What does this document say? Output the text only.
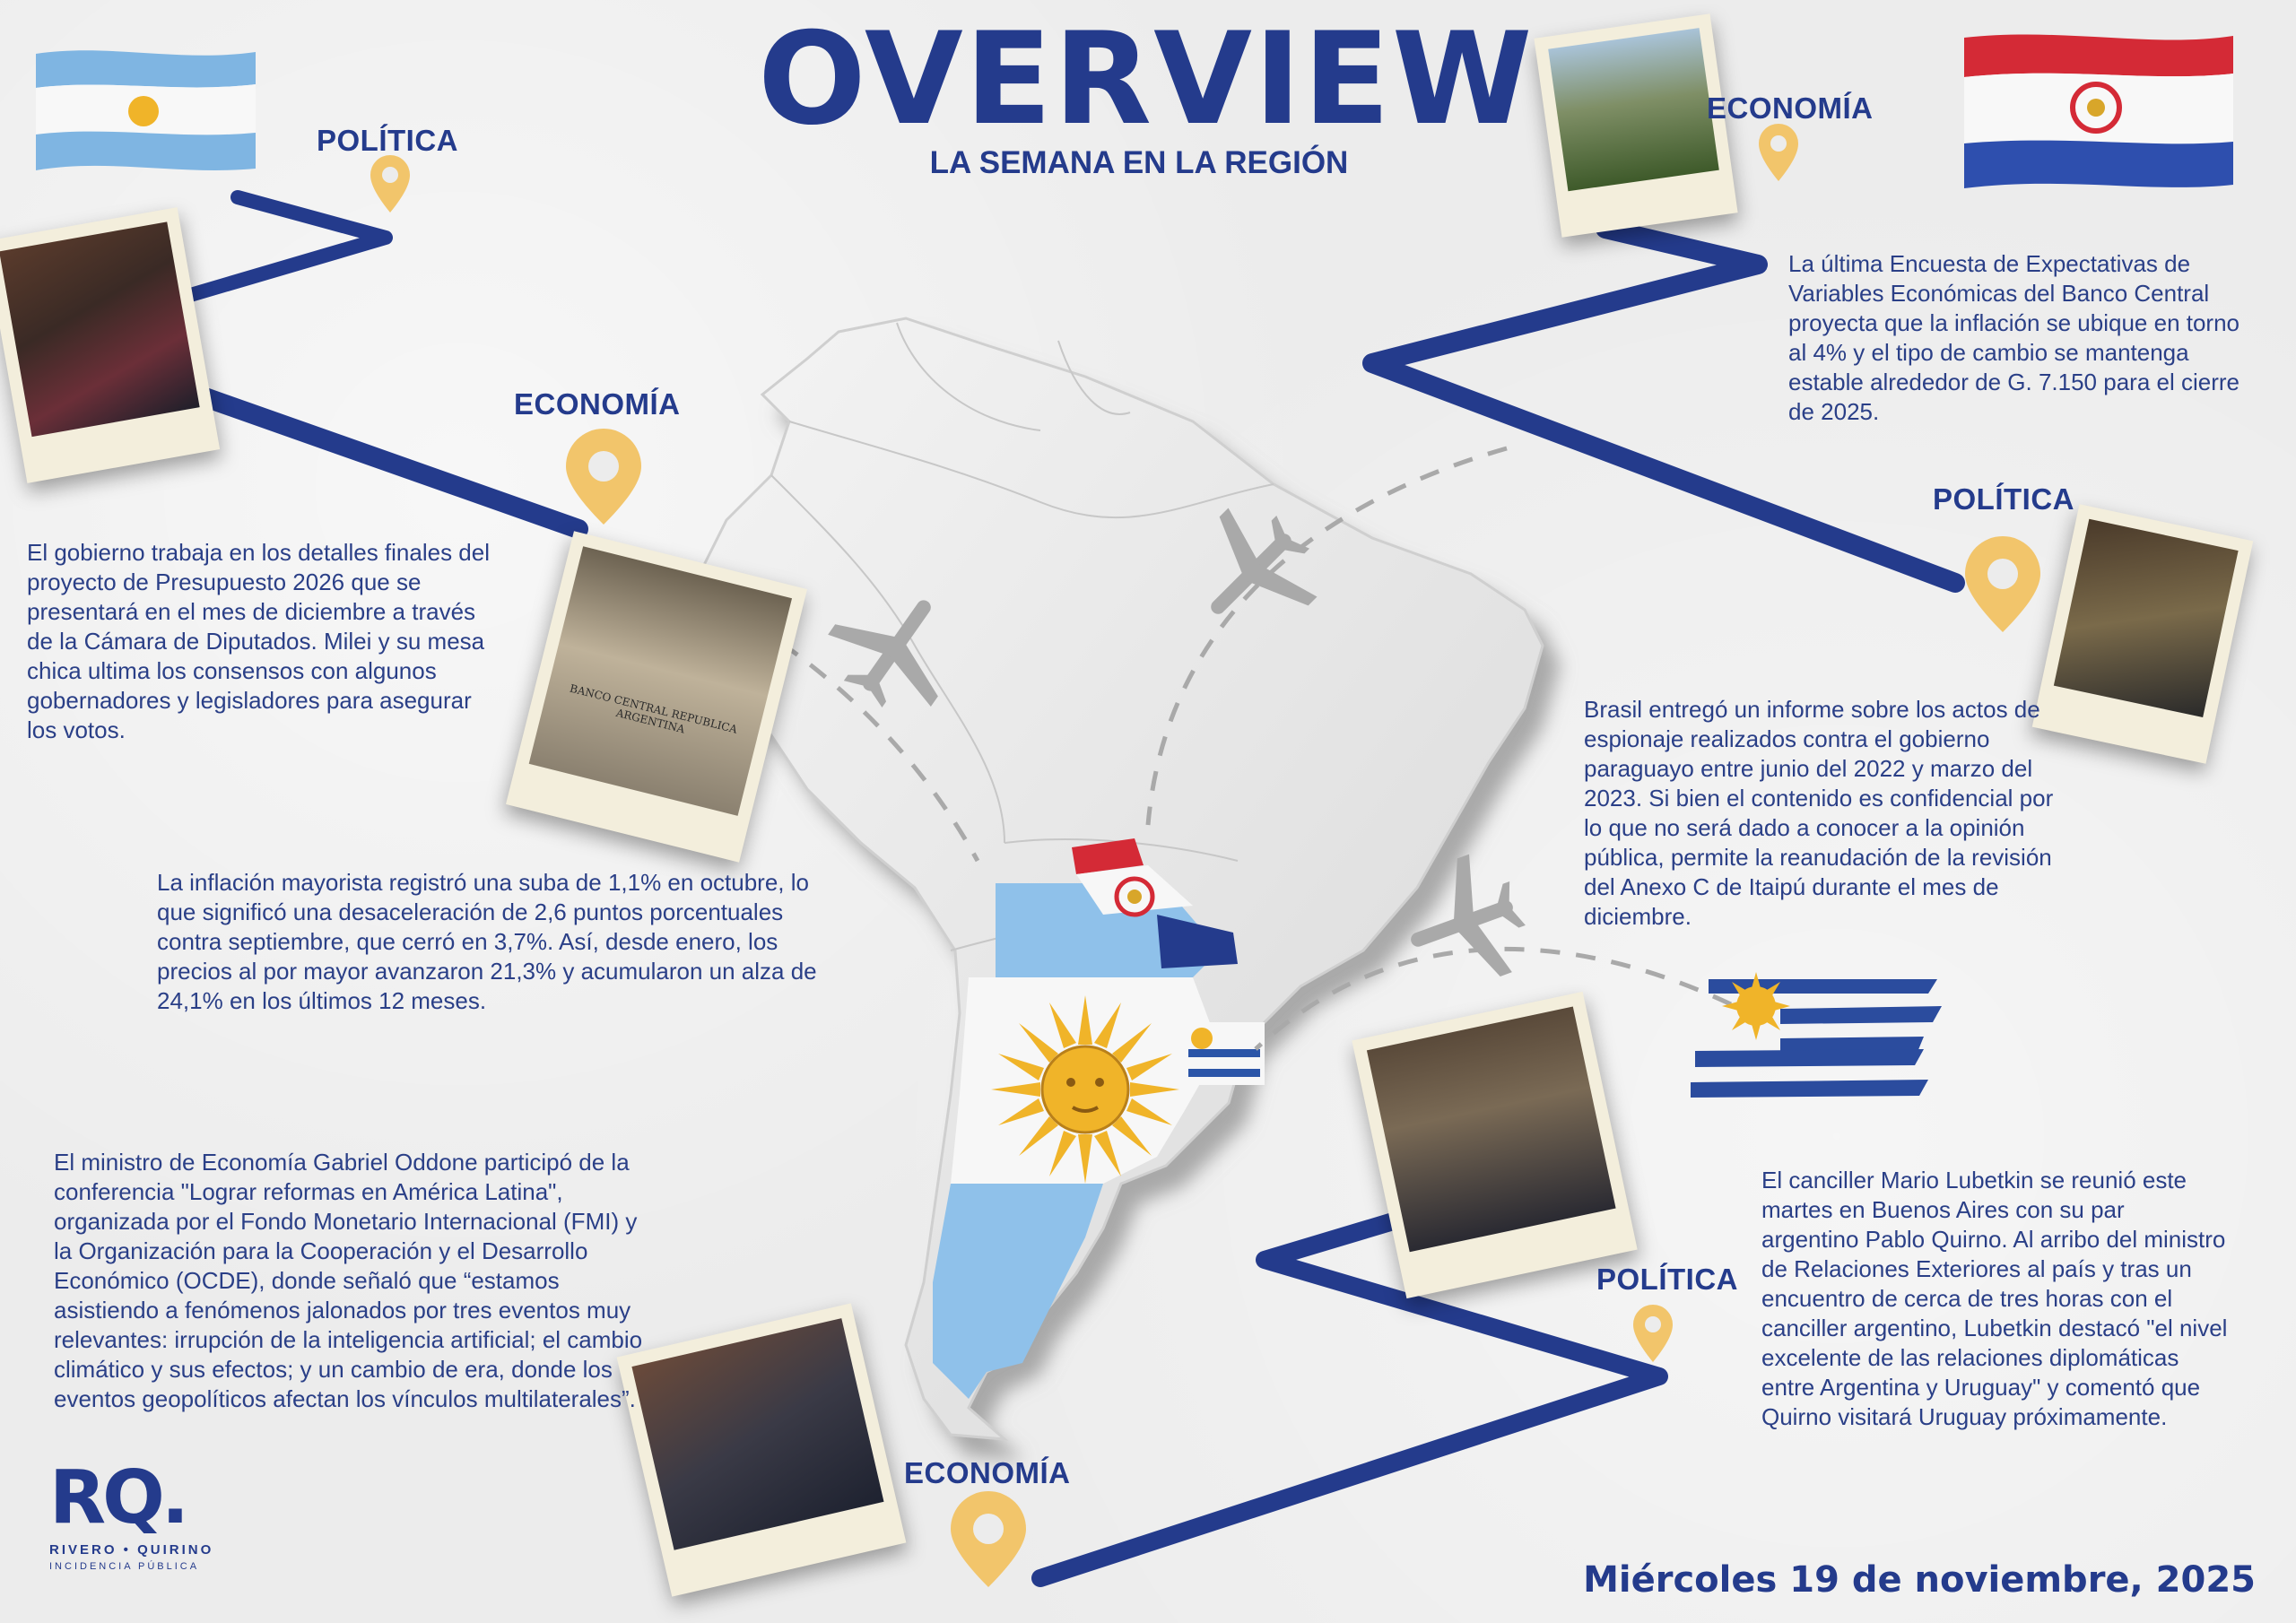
BANCO CENTRAL REPUBLICA ARGENTINA
OVERVIEW
LA SEMANA EN LA REGIÓN
POLÍTICA
ECONOMÍA
ECONOMÍA
POLÍTICA
POLÍTICA
ECONOMÍA
El gobierno trabaja en los detalles finales del proyecto de Presupuesto 2026 que se presentará en el mes de diciembre a través de la Cámara de Diputados. Milei y su mesa chica ultima los consensos con algunos gobernadores y legisladores para asegurar los votos.
La inflación mayorista registró una suba de 1,1% en octubre, lo que significó una desaceleración de 2,6 puntos porcentuales contra septiembre, que cerró en 3,7%. Así, desde enero, los precios al por mayor avanzaron 21,3% y acumularon un alza de 24,1% en los últimos 12 meses.
El ministro de Economía Gabriel Oddone participó de la conferencia "Lograr reformas en América Latina", organizada por el Fondo Monetario Internacional (FMI) y la Organización para la Cooperación y el Desarrollo Económico (OCDE), donde señaló que “estamos asistiendo a fenómenos jalonados por tres eventos muy relevantes: irrupción de la inteligencia artificial; el cambio climático y sus efectos; y un cambio de era, donde los eventos geopolíticos afectan los vínculos multilaterales”.
La última Encuesta de Expectativas de Variables Económicas del Banco Central proyecta que la inflación se ubique en torno al 4% y el tipo de cambio se mantenga estable alrededor de G. 7.150 para el cierre de 2025.
Brasil entregó un informe sobre los actos de espionaje realizados contra el gobierno paraguayo entre junio del 2022 y marzo del 2023. Si bien el contenido es confidencial por lo que no será dado a conocer a la opinión pública, permite la reanudación de la revisión del Anexo C de Itaipú durante el mes de diciembre.
El canciller Mario Lubetkin se reunió este martes en Buenos Aires con su par argentino Pablo Quirno. Al arribo del ministro de Relaciones Exteriores al país y tras un encuentro de cerca de tres horas con el canciller argentino, Lubetkin destacó "el nivel excelente de las relaciones diplomáticas entre Argentina y Uruguay" y comentó que Quirno visitará Uruguay próximamente.
RQ.
RIVERO • QUIRINO
INCIDENCIA PÚBLICA	Miércoles 19 de noviembre, 2025
